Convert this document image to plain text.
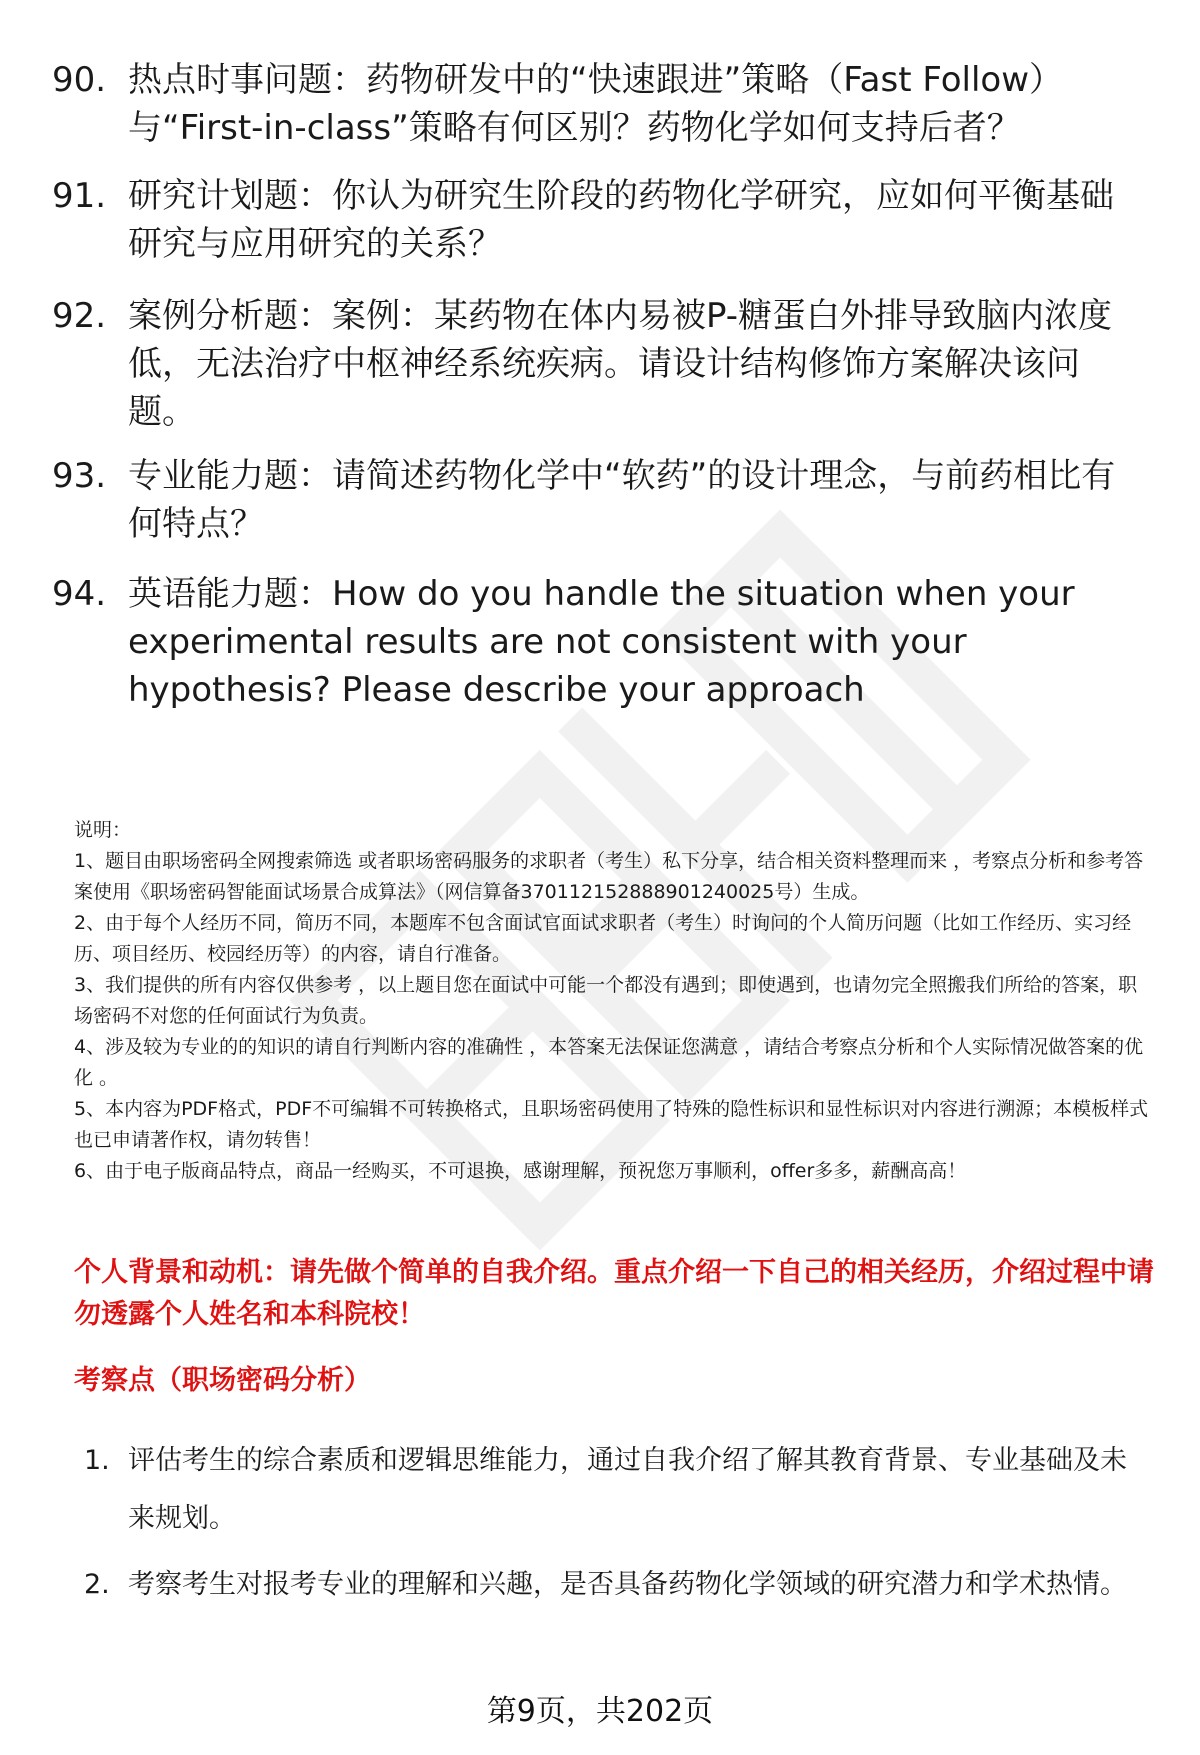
90. 热点时事问题：药物研发中的“快速跟进”策略（Fast Follow）与“First-in-class”策略有何区别？药物化学如何支持后者？
91. 研究计划题：你认为研究生阶段的药物化学研究，应如何平衡基础研究与应用研究的关系？
92. 案例分析题：案例：某药物在体内易被P-糖蛋白外排导致脑内浓度低，无法治疗中枢神经系统疾病。请设计结构修饰方案解决该问题。
93. 专业能力题：请简述药物化学中“软药”的设计理念，与前药相比有何特点？
94. 英语能力题：How do you handle the situation when your experimental results are not consistent with your hypothesis? Please describe your approach
说明：
1、题目由职场密码全网搜索筛选 或者职场密码服务的求职者（考生）私下分享，结合相关资料整理而来 ，考察点分析和参考答案使用《职场密码智能面试场景合成算法》（网信算备370112152888901240025号）生成。
2、由于每个人经历不同，简历不同，本题库不包含面试官面试求职者（考生）时询问的个人简历问题（比如工作经历、实习经历、项目经历、校园经历等）的内容，请自行准备。
3、我们提供的所有内容仅供参考 ，以上题目您在面试中可能一个都没有遇到；即使遇到，也请勿完全照搬我们所给的答案，职场密码不对您的任何面试行为负责。
4、涉及较为专业的的知识的请自行判断内容的准确性 ，本答案无法保证您满意 ，请结合考察点分析和个人实际情况做答案的优化 。
5、本内容为PDF格式，PDF不可编辑不可转换格式，且职场密码使用了特殊的隐性标识和显性标识对内容进行溯源；本模板样式也已申请著作权，请勿转售！
6、由于电子版商品特点，商品一经购买，不可退换，感谢理解，预祝您万事顺利，offer多多，薪酬高高！
个人背景和动机：请先做个简单的自我介绍。重点介绍一下自己的相关经历，介绍过程中请勿透露个人姓名和本科院校！
考察点（职场密码分析）
1. 评估考生的综合素质和逻辑思维能力，通过自我介绍了解其教育背景、专业基础及未来规划。
2. 考察考生对报考专业的理解和兴趣，是否具备药物化学领域的研究潜力和学术热情。
第9页，共202页
